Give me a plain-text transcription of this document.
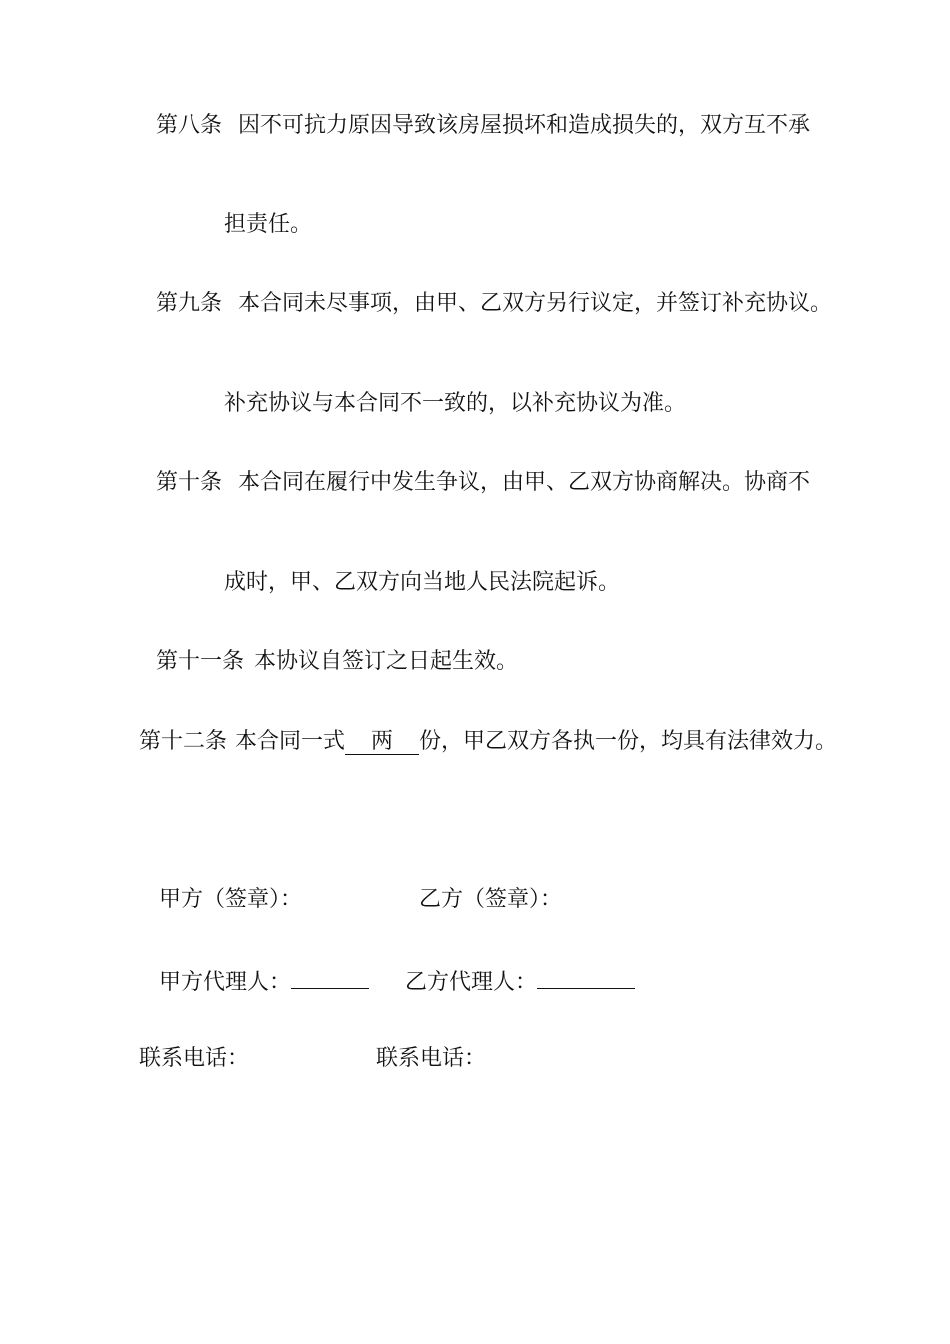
第八条 因不可抗力原因导致该房屋损坏和造成损失的，双方互不承
担责任。
第九条 本合同未尽事项，由甲、乙双方另行议定，并签订补充协议。
补充协议与本合同不一致的，以补充协议为准。
第十条 本合同在履行中发生争议，由甲、乙双方协商解决。协商不
成时，甲、乙双方向当地人民法院起诉。
第十一条 本协议自签订之日起生效。
第十二条 本合同一式 两 份，甲乙双方各执一份，均具有法律效力。
甲方（签章）：	乙方（签章）：
甲方代理人：	乙方代理人：
联系电话：	联系电话：
